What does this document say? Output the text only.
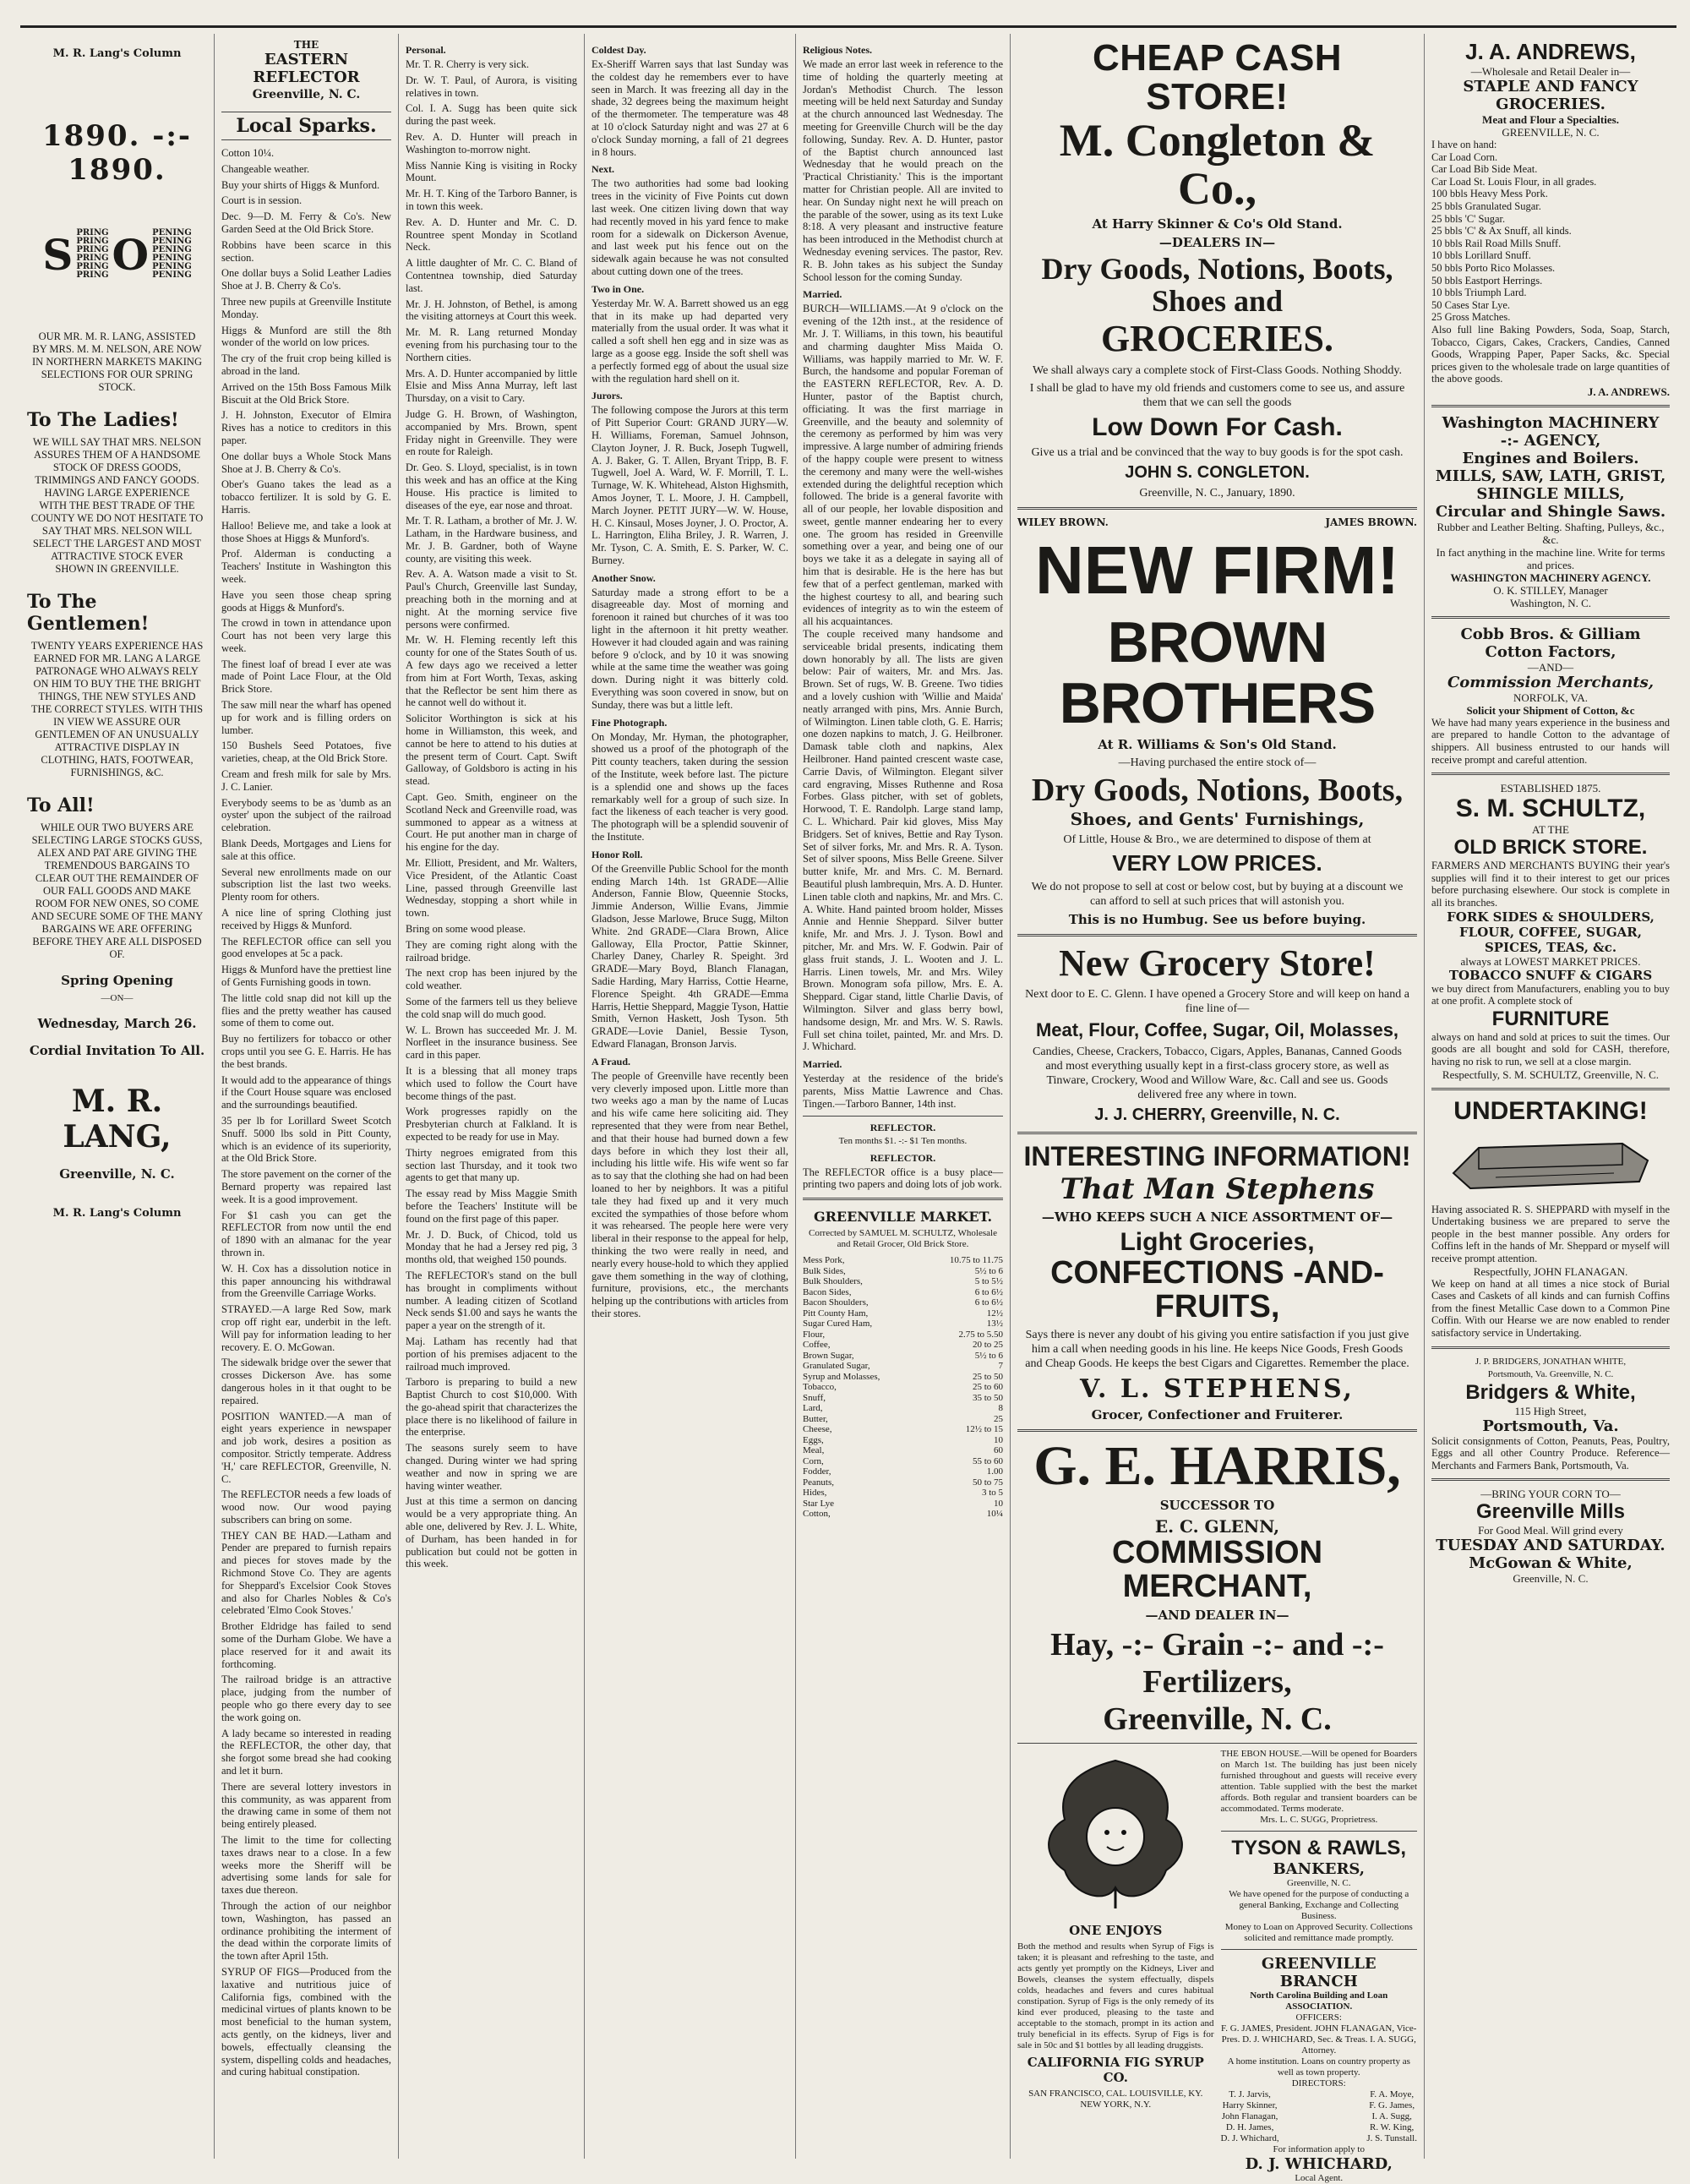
M. R. Lang's Column
1890. -:- 1890.
S PRING
PRING
PRING
PRING
PRING
PRING O PENING
PENING
PENING
PENING
PENING
PENING
OUR MR. M. R. LANG, ASSISTED BY MRS. M. M. NELSON, ARE NOW IN NORTHERN MARKETS MAKING SELECTIONS FOR OUR SPRING STOCK.
To The Ladies!
WE WILL SAY THAT MRS. NELSON ASSURES THEM OF A HANDSOME STOCK OF DRESS GOODS, TRIMMINGS AND FANCY GOODS. HAVING LARGE EXPERIENCE WITH THE BEST TRADE OF THE COUNTY WE DO NOT HESITATE TO SAY THAT MRS. NELSON WILL SELECT THE LARGEST AND MOST ATTRACTIVE STOCK EVER SHOWN IN GREENVILLE.
To The Gentlemen!
TWENTY YEARS EXPERIENCE HAS EARNED FOR MR. LANG A LARGE PATRONAGE WHO ALWAYS RELY ON HIM TO BUY THE THE BRIGHT THINGS, THE NEW STYLES AND THE CORRECT STYLES. WITH THIS IN VIEW WE ASSURE OUR GENTLEMEN OF AN UNUSUALLY ATTRACTIVE DISPLAY IN CLOTHING, HATS, FOOTWEAR, FURNISHINGS, &C.
To All!
WHILE OUR TWO BUYERS ARE SELECTING LARGE STOCKS GUSS, ALEX AND PAT ARE GIVING THE TREMENDOUS BARGAINS TO CLEAR OUT THE REMAINDER OF OUR FALL GOODS AND MAKE ROOM FOR NEW ONES, SO COME AND SECURE SOME OF THE MANY BARGAINS WE ARE OFFERING BEFORE THEY ARE ALL DISPOSED OF.
Spring Opening
—ON—
Wednesday, March 26.
Cordial Invitation To All.
M. R. LANG,
Greenville, N. C.
M. R. Lang's Column
THE
EASTERN REFLECTOR
Greenville, N. C.
Local Sparks.

Cotton 10¼.

Changeable weather.

Buy your shirts of Higgs & Munford.

Court is in session.

Dec. 9—D. M. Ferry & Co's. New Garden Seed at the Old Brick Store.

Robbins have been scarce in this section.

One dollar buys a Solid Leather Ladies Shoe at J. B. Cherry & Co's.

Three new pupils at Greenville Institute Monday.

Higgs & Munford are still the 8th wonder of the world on low prices.

The cry of the fruit crop being killed is abroad in the land.

Arrived on the 15th Boss Famous Milk Biscuit at the Old Brick Store.

J. H. Johnston, Executor of Elmira Rives has a notice to creditors in this paper.

One dollar buys a Whole Stock Mans Shoe at J. B. Cherry & Co's.

Ober's Guano takes the lead as a tobacco fertilizer. It is sold by G. E. Harris.

Halloo! Believe me, and take a look at those Shoes at Higgs & Munford's.

Prof. Alderman is conducting a Teachers' Institute in Washington this week.

Have you seen those cheap spring goods at Higgs & Munford's.

The crowd in town in attendance upon Court has not been very large this week.

The finest loaf of bread I ever ate was made of Point Lace Flour, at the Old Brick Store.

The saw mill near the wharf has opened up for work and is filling orders on lumber.

150 Bushels Seed Potatoes, five varieties, cheap, at the Old Brick Store.

Cream and fresh milk for sale by Mrs. J. C. Lanier.

Everybody seems to be as 'dumb as an oyster' upon the subject of the railroad celebration.

Blank Deeds, Mortgages and Liens for sale at this office.

Several new enrollments made on our subscription list the last two weeks. Plenty room for others.

A nice line of spring Clothing just received by Higgs & Munford.

The REFLECTOR office can sell you good envelopes at 5c a pack.

Higgs & Munford have the prettiest line of Gents Furnishing goods in town.

The little cold snap did not kill up the flies and the pretty weather has caused some of them to come out.

Buy no fertilizers for tobacco or other crops until you see G. E. Harris. He has the best brands.

It would add to the appearance of things if the Court House square was enclosed and the surroundings beautified.

35 per lb for Lorillard Sweet Scotch Snuff. 5000 lbs sold in Pitt County, which is an evidence of its superiority, at the Old Brick Store.

The store pavement on the corner of the Bernard property was repaired last week. It is a good improvement.

For $1 cash you can get the REFLECTOR from now until the end of 1890 with an almanac for the year thrown in.

W. H. Cox has a dissolution notice in this paper announcing his withdrawal from the Greenville Carriage Works.

STRAYED.—A large Red Sow, mark crop off right ear, underbit in the left. Will pay for information leading to her recovery. E. O. McGowan.

The sidewalk bridge over the sewer that crosses Dickerson Ave. has some dangerous holes in it that ought to be repaired.

POSITION WANTED.—A man of eight years experience in newspaper and job work, desires a position as compositor. Strictly temperate. Address 'H,' care REFLECTOR, Greenville, N. C.

The REFLECTOR needs a few loads of wood now. Our wood paying subscribers can bring on some.

THEY CAN BE HAD.—Latham and Pender are prepared to furnish repairs and pieces for stoves made by the Richmond Stove Co. They are agents for Sheppard's Excelsior Cook Stoves and also for Charles Nobles & Co's celebrated 'Elmo Cook Stoves.'

Brother Eldridge has failed to send some of the Durham Globe. We have a place reserved for it and await its forthcoming.

The railroad bridge is an attractive place, judging from the number of people who go there every day to see the work going on.

A lady became so interested in reading the REFLECTOR, the other day, that she forgot some bread she had cooking and let it burn.

There are several lottery investors in this community, as was apparent from the drawing came in some of them not being entirely pleased.

The limit to the time for collecting taxes draws near to a close. In a few weeks more the Sheriff will be advertising some lands for sale for taxes due thereon.

Through the action of our neighbor town, Washington, has passed an ordinance prohibiting the interment of the dead within the corporate limits of the town after April 15th.

SYRUP OF FIGS—Produced from the laxative and nutritious juice of California figs, combined with the medicinal virtues of plants known to be most beneficial to the human system, acts gently, on the kidneys, liver and bowels, effectually cleansing the system, dispelling colds and headaches, and curing habitual constipation.

Personal.

Mr. T. R. Cherry is very sick.

Dr. W. T. Paul, of Aurora, is visiting relatives in town.

Col. I. A. Sugg has been quite sick during the past week.

Rev. A. D. Hunter will preach in Washington to-morrow night.

Miss Nannie King is visiting in Rocky Mount.

Mr. H. T. King of the Tarboro Banner, is in town this week.

Rev. A. D. Hunter and Mr. C. D. Rountree spent Monday in Scotland Neck.

A little daughter of Mr. C. C. Bland of Contentnea township, died Saturday last.

Mr. J. H. Johnston, of Bethel, is among the visiting attorneys at Court this week.

Mr. M. R. Lang returned Monday evening from his purchasing tour to the Northern cities.

Mrs. A. D. Hunter accompanied by little Elsie and Miss Anna Murray, left last Thursday, on a visit to Cary.

Judge G. H. Brown, of Washington, accompanied by Mrs. Brown, spent Friday night in Greenville. They were en route for Raleigh.

Dr. Geo. S. Lloyd, specialist, is in town this week and has an office at the King House. His practice is limited to diseases of the eye, ear nose and throat.

Mr. T. R. Latham, a brother of Mr. J. W. Latham, in the Hardware business, and Mr. J. B. Gardner, both of Wayne county, are visiting this week.

Rev. A. A. Watson made a visit to St. Paul's Church, Greenville last Sunday, preaching both in the morning and at night. At the morning service five persons were confirmed.

Mr. W. H. Fleming recently left this county for one of the States South of us. A few days ago we received a letter from him at Fort Worth, Texas, asking that the Reflector be sent him there as he cannot well do without it.

Solicitor Worthington is sick at his home in Williamston, this week, and cannot be here to attend to his duties at the present term of Court. Capt. Swift Galloway, of Goldsboro is acting in his stead.

Capt. Geo. Smith, engineer on the Scotland Neck and Greenville road, was summoned to appear as a witness at Court. He put another man in charge of his engine for the day.

Mr. Elliott, President, and Mr. Walters, Vice President, of the Atlantic Coast Line, passed through Greenville last Wednesday, stopping a short while in town.

Bring on some wood please.

They are coming right along with the railroad bridge.

The next crop has been injured by the cold weather.

Some of the farmers tell us they believe the cold snap will do much good.

W. L. Brown has succeeded Mr. J. M. Norfleet in the insurance business. See card in this paper.

It is a blessing that all money traps which used to follow the Court have become things of the past.

Work progresses rapidly on the Presbyterian church at Falkland. It is expected to be ready for use in May.

Thirty negroes emigrated from this section last Thursday, and it took two agents to get that many up.

The essay read by Miss Maggie Smith before the Teachers' Institute will be found on the first page of this paper.

Mr. J. D. Buck, of Chicod, told us Monday that he had a Jersey red pig, 3 months old, that weighed 150 pounds.

The REFLECTOR's stand on the bull has brought in compliments without number. A leading citizen of Scotland Neck sends $1.00 and says he wants the paper a year on the strength of it.

Maj. Latham has recently had that portion of his premises adjacent to the railroad much improved.

Tarboro is preparing to build a new Baptist Church to cost $10,000. With the go-ahead spirit that characterizes the place there is no likelihood of failure in the enterprise.

The seasons surely seem to have changed. During winter we had spring weather and now in spring we are having winter weather.

Just at this time a sermon on dancing would be a very appropriate thing. An able one, delivered by Rev. J. L. White, of Durham, has been handed in for publication but could not be gotten in this week.

Coldest Day.
Ex-Sheriff Warren says that last Sunday was the coldest day he remembers ever to have seen in March. It was freezing all day in the shade, 32 degrees being the maximum height of the thermometer. The temperature was 48 at 10 o'clock Saturday night and was 27 at 6 o'clock Sunday morning, a fall of 21 degrees in 8 hours.
Next.
The two authorities had some bad looking trees in the vicinity of Five Points cut down last week. One citizen living down that way had recently moved in his yard fence to make room for a sidewalk on Dickerson Avenue, and last week put his fence out on the sidewalk again because he was not consulted about cutting down one of the trees.
Two in One.
Yesterday Mr. W. A. Barrett showed us an egg that in its make up had departed very materially from the usual order. It was what it called a soft shell hen egg and in size was as large as a goose egg. Inside the soft shell was a perfectly formed egg of about the usual size with the regulation hard shell on it.
Jurors.
The following compose the Jurors at this term of Pitt Superior Court: GRAND JURY—W. H. Williams, Foreman, Samuel Johnson, Clayton Joyner, J. R. Buck, Joseph Tugwell, A. J. Baker, G. T. Allen, Bryant Tripp, B. F. Tugwell, Joel A. Ward, W. F. Morrill, T. L. Turnage, W. K. Whitehead, Alston Highsmith, Amos Joyner, T. L. Moore, J. H. Campbell, March Joyner. PETIT JURY—W. W. House, H. C. Kinsaul, Moses Joyner, J. O. Proctor, A. L. Harrington, Eliha Briley, J. R. Warren, J. Mr. Tyson, C. A. Smith, E. S. Parker, W. C. Burney.
Another Snow.
Saturday made a strong effort to be a disagreeable day. Most of morning and forenoon it rained but churches of it was too light in the afternoon it hit pretty weather. However it had clouded again and was raining before 9 o'clock, and by 10 it was snowing while at the same time the weather was going down. During night it was bitterly cold. Everything was soon covered in snow, but on Sunday, there was but a little left.
Fine Photograph.
On Monday, Mr. Hyman, the photographer, showed us a proof of the photograph of the Pitt county teachers, taken during the session of the Institute, week before last. The picture is a splendid one and shows up the faces remarkably well for a group of such size. In fact the likeness of each teacher is very good. The photograph will be a splendid souvenir of the Institute.
Honor Roll.
Of the Greenville Public School for the month ending March 14th. 1st GRADE—Allie Anderson, Fannie Blow, Queennie Stocks, Jimmie Anderson, Willie Evans, Jimmie Gladson, Jesse Marlowe, Bruce Sugg, Milton White. 2nd GRADE—Clara Brown, Alice Galloway, Ella Proctor, Pattie Skinner, Charley Daney, Charley R. Speight. 3rd GRADE—Mary Boyd, Blanch Flanagan, Sadie Harding, Mary Harriss, Cottie Hearne, Florence Speight. 4th GRADE—Emma Harris, Hettie Sheppard, Maggie Tyson, Hattie Smith, Vernon Haskett, Josh Tyson. 5th GRADE—Lovie Daniel, Bessie Tyson, Edward Flanagan, Bronson Jarvis.
A Fraud.
The people of Greenville have recently been very cleverly imposed upon. Little more than two weeks ago a man by the name of Lucas and his wife came here soliciting aid. They represented that they were from near Bethel, and that their house had burned down a few days before in which they lost their all, including his little wife. His wife went so far as to say that the clothing she had on had been loaned to her by neighbors. It was a pitiful tale they had fixed up and it very much excited the sympathies of those before whom it was rehearsed. The people here were very liberal in their response to the appeal for help, thinking the two were really in need, and nearly every house-hold to which they applied gave them something in the way of clothing, furniture, provisions, etc., the merchants helping up the contributions with articles from their stores.
Religious Notes.
We made an error last week in reference to the time of holding the quarterly meeting at Jordan's Methodist Church. The lesson meeting will be held next Saturday and Sunday at the church announced last Wednesday. The meeting for Greenville Church will be the day following, Sunday. Rev. A. D. Hunter, pastor of the Baptist church announced last Wednesday that he would preach on the 'Practical Christianity.' This is the important matter for Christian people. All are invited to hear. On Sunday night next he will preach on the parable of the sower, using as its text Luke 8:18. A very pleasant and instructive feature has been introduced in the Methodist church at Wednesday evening services. The pastor, Rev. R. B. John takes as his subject the Sunday School lesson for the coming Sunday.
Married.
BURCH—WILLIAMS.—At 9 o'clock on the evening of the 12th inst., at the residence of Mr. J. T. Williams, in this town, his beautiful and charming daughter Miss Maida O. Williams, was happily married to Mr. W. F. Burch, the handsome and popular Foreman of the EASTERN REFLECTOR, Rev. A. D. Hunter, pastor of the Baptist church, officiating. It was the first marriage in Greenville, and the beauty and solemnity of the ceremony as performed by him was very impressive. A large number of admiring friends of the happy couple were present to witness the ceremony and many were the well-wishes extended during the delightful reception which followed. The bride is a general favorite with all of our people, her lovable disposition and sweet, gentle manner endearing her to every one. The groom has resided in Greenville something over a year, and being one of our boys we take it as a delegate in saying all of him that is desirable. He is the here has but few that of a perfect gentleman, marked with the highest courtesy to all, and bearing such evidences of integrity as to win the esteem of all his acquaintances.
The couple received many handsome and serviceable bridal presents, indicating them down honorably by all. The lists are given below: Pair of waiters, Mr. and Mrs. Jas. Brown. Set of rugs, W. B. Greene. Two tidies and a lovely cushion with 'Willie and Maida' neatly arranged with pins, Mrs. Annie Burch, of Wilmington. Linen table cloth, G. E. Harris; one dozen napkins to match, J. G. Heilbroner. Damask table cloth and napkins, Alex Heilbroner. Hand painted crescent waste case, Carrie Davis, of Wilmington. Elegant silver card engraving, Misses Ruthenne and Rosa Forbes. Glass pitcher, with set of goblets, Horwood, T. E. Randolph. Large stand lamp, C. L. Whichard. Pair kid gloves, Miss May Bridgers. Set of knives, Bettie and Ray Tyson. Set of silver forks, Mr. and Mrs. R. A. Tyson. Set of silver spoons, Miss Belle Greene. Silver butter knife, Mr. and Mrs. C. M. Bernard. Beautiful plush lambrequin, Mrs. A. D. Hunter. Linen table cloth and napkins, Mr. and Mrs. C. A. White. Hand painted broom holder, Misses Annie and Hennie Sheppard. Silver butter knife, Mr. and Mrs. J. J. Tyson. Bowl and pitcher, Mr. and Mrs. W. F. Godwin. Pair of glass fruit stands, J. L. Wooten and J. L. Harris. Linen towels, Mr. and Mrs. Wiley Brown. Monogram sofa pillow, Mrs. E. A. Sheppard. Cigar stand, little Charlie Davis, of Wilmington. Silver and glass berry bowl, handsome design, Mr. and Mrs. W. S. Rawls. Full set china toilet, painted, Mr. and Mrs. D. J. Whichard.
Married.
Yesterday at the residence of the bride's parents, Miss Mattie Lawrence and Chas. Tingen.—Tarboro Banner, 14th inst.
REFLECTOR.
Ten months $1. -:- $1 Ten months.
REFLECTOR.
The REFLECTOR office is a busy place—printing two papers and doing lots of job work.
GREENVILLE MARKET.
Corrected by SAMUEL M. SCHULTZ, Wholesale and Retail Grocer, Old Brick Store.
Mess Pork,	10.75 to 11.75
Bulk Sides,	5½ to 6
Bulk Shoulders,	5 to 5½
Bacon Sides,	6 to 6½
Bacon Shoulders,	6 to 6½
Pitt County Ham,	12½
Sugar Cured Ham,	13½
Flour,	2.75 to 5.50
Coffee,	20 to 25
Brown Sugar,	5½ to 6
Granulated Sugar,	7
Syrup and Molasses,	25 to 50
Tobacco,	25 to 60
Snuff,	35 to 50
Lard,	8
Butter,	25
Cheese,	12½ to 15
Eggs,	10
Meal,	60
Corn,	55 to 60
Fodder,	1.00
Peanuts,	50 to 75
Hides,	3 to 5
Star Lye	10
Cotton,	10¼
CHEAP CASH STORE!
M. Congleton & Co.,
At Harry Skinner & Co's Old Stand.
—DEALERS IN—
Dry Goods, Notions, Boots, Shoes and
GROCERIES.
We shall always cary a complete stock of First-Class Goods. Nothing Shoddy.
I shall be glad to have my old friends and customers come to see us, and assure them that we can sell the goods
Low Down For Cash.
Give us a trial and be convinced that the way to buy goods is for the spot cash.
JOHN S. CONGLETON.
Greenville, N. C., January, 1890.
WILEY BROWN.	JAMES BROWN.
NEW FIRM!
BROWN BROTHERS
At R. Williams & Son's Old Stand.
—Having purchased the entire stock of—
Dry Goods, Notions, Boots,
Shoes, and Gents' Furnishings,
Of Little, House & Bro., we are determined to dispose of them at
VERY LOW PRICES.
We do not propose to sell at cost or below cost, but by buying at a discount we can afford to sell at such prices that will astonish you.
This is no Humbug. See us before buying.
New Grocery Store!
Next door to E. C. Glenn. I have opened a Grocery Store and will keep on hand a fine line of—
Meat, Flour, Coffee, Sugar, Oil, Molasses,
Candies, Cheese, Crackers, Tobacco, Cigars, Apples, Bananas, Canned Goods and most everything usually kept in a first-class grocery store, as well as Tinware, Crockery, Wood and Willow Ware, &c. Call and see us. Goods delivered free any where in town.
J. J. CHERRY, Greenville, N. C.
INTERESTING INFORMATION!
That Man Stephens
—WHO KEEPS SUCH A NICE ASSORTMENT OF—
Light Groceries,
CONFECTIONS -AND- FRUITS,
Says there is never any doubt of his giving you entire satisfaction if you just give him a call when needing goods in his line. He keeps Nice Goods, Fresh Goods and Cheap Goods. He keeps the best Cigars and Cigarettes. Remember the place.
V. L. STEPHENS,
Grocer, Confectioner and Fruiterer.
G. E. HARRIS,
SUCCESSOR TO
E. C. GLENN,
COMMISSION MERCHANT,
—AND DEALER IN—
Hay, -:- Grain -:- and -:- Fertilizers,
Greenville, N. C.
ONE ENJOYS
Both the method and results when Syrup of Figs is taken; it is pleasant and refreshing to the taste, and acts gently yet promptly on the Kidneys, Liver and Bowels, cleanses the system effectually, dispels colds, headaches and fevers and cures habitual constipation. Syrup of Figs is the only remedy of its kind ever produced, pleasing to the taste and acceptable to the stomach, prompt in its action and truly beneficial in its effects. Syrup of Figs is for sale in 50c and $1 bottles by all leading druggists.
CALIFORNIA FIG SYRUP CO.
SAN FRANCISCO, CAL. LOUISVILLE, KY. NEW YORK, N.Y.
THE EBON HOUSE.—Will be opened for Boarders on March 1st. The building has just been nicely furnished throughout and guests will receive every attention. Table supplied with the best the market affords. Both regular and transient boarders can be accommodated. Terms moderate.
Mrs. L. C. SUGG, Proprietress.
TYSON & RAWLS,
BANKERS,
Greenville, N. C.
We have opened for the purpose of conducting a general Banking, Exchange and Collecting Business.
Money to Loan on Approved Security. Collections solicited and remittance made promptly.
GREENVILLE BRANCH
North Carolina Building and Loan
ASSOCIATION.
OFFICERS:
F. G. JAMES, President. JOHN FLANAGAN, Vice-Pres. D. J. WHICHARD, Sec. & Treas. I. A. SUGG, Attorney.
A home institution. Loans on country property as well as town property.
DIRECTORS:
T. J. Jarvis,
Harry Skinner,
John Flanagan,
D. H. James,
D. J. Whichard,
F. A. Moye,
F. G. James,
I. A. Sugg,
R. W. King,
J. S. Tunstall.
For information apply to
D. J. WHICHARD,
Local Agent.
J. A. ANDREWS,
—Wholesale and Retail Dealer in—
STAPLE AND FANCY GROCERIES.
Meat and Flour a Specialties.
GREENVILLE, N. C.
I have on hand:
Car Load Corn.
Car Load Bib Side Meat.
Car Load St. Louis Flour, in all grades.
100 bbls Heavy Mess Pork.
25 bbls Granulated Sugar.
25 bbls 'C' Sugar.
25 bbls 'C' & Ax Snuff, all kinds.
10 bbls Rail Road Mills Snuff.
10 bbls Lorillard Snuff.
50 bbls Porto Rico Molasses.
50 bbls Eastport Herrings.
10 bbls Triumph Lard.
50 Cases Star Lye.
25 Gross Matches.
Also full line Baking Powders, Soda, Soap, Starch, Tobacco, Cigars, Cakes, Crackers, Candies, Canned Goods, Wrapping Paper, Paper Sacks, &c. Special prices given to the wholesale trade on large quantities of the above goods.
J. A. ANDREWS.
Washington MACHINERY -:- AGENCY,
Engines and Boilers.
MILLS, SAW, LATH, GRIST, SHINGLE MILLS,
Circular and Shingle Saws.
Rubber and Leather Belting. Shafting, Pulleys, &c., &c.
In fact anything in the machine line. Write for terms and prices.
WASHINGTON MACHINERY AGENCY.
O. K. STILLEY, Manager
Washington, N. C.
Cobb Bros. & Gilliam
Cotton Factors,
—AND—
Commission Merchants,
NORFOLK, VA.
Solicit your Shipment of Cotton, &c
We have had many years experience in the business and are prepared to handle Cotton to the advantage of shippers. All business entrusted to our hands will receive prompt and careful attention.
ESTABLISHED 1875.
S. M. SCHULTZ,
AT THE
OLD BRICK STORE.
FARMERS AND MERCHANTS BUYING their year's supplies will find it to their interest to get our prices before purchasing elsewhere. Our stock is complete in all its branches.
FORK SIDES & SHOULDERS, FLOUR, COFFEE, SUGAR, SPICES, TEAS, &c.
always at LOWEST MARKET PRICES.
TOBACCO SNUFF & CIGARS
we buy direct from Manufacturers, enabling you to buy at one profit. A complete stock of
FURNITURE
always on hand and sold at prices to suit the times. Our goods are all bought and sold for CASH, therefore, having no risk to run, we sell at a close margin.
Respectfully, S. M. SCHULTZ, Greenville, N. C.
UNDERTAKING!
Having associated R. S. SHEPPARD with myself in the Undertaking business we are prepared to serve the people in the best manner possible. Any orders for Coffins left in the hands of Mr. Sheppard or myself will receive prompt attention.
Respectfully, JOHN FLANAGAN.
We keep on hand at all times a nice stock of Burial Cases and Caskets of all kinds and can furnish Coffins from the finest Metallic Case down to a Common Pine Coffin. With our Hearse we are now enabled to render satisfactory service in Undertaking.
J. P. BRIDGERS, JONATHAN WHITE,
Portsmouth, Va. Greenville, N. C.
Bridgers & White,
115 High Street,
Portsmouth, Va.
Solicit consignments of Cotton, Peanuts, Peas, Poultry, Eggs and all other Country Produce. Reference—Merchants and Farmers Bank, Portsmouth, Va.
—BRING YOUR CORN TO—
Greenville Mills
For Good Meal. Will grind every
TUESDAY AND SATURDAY.
McGowan & White,
Greenville, N. C.
